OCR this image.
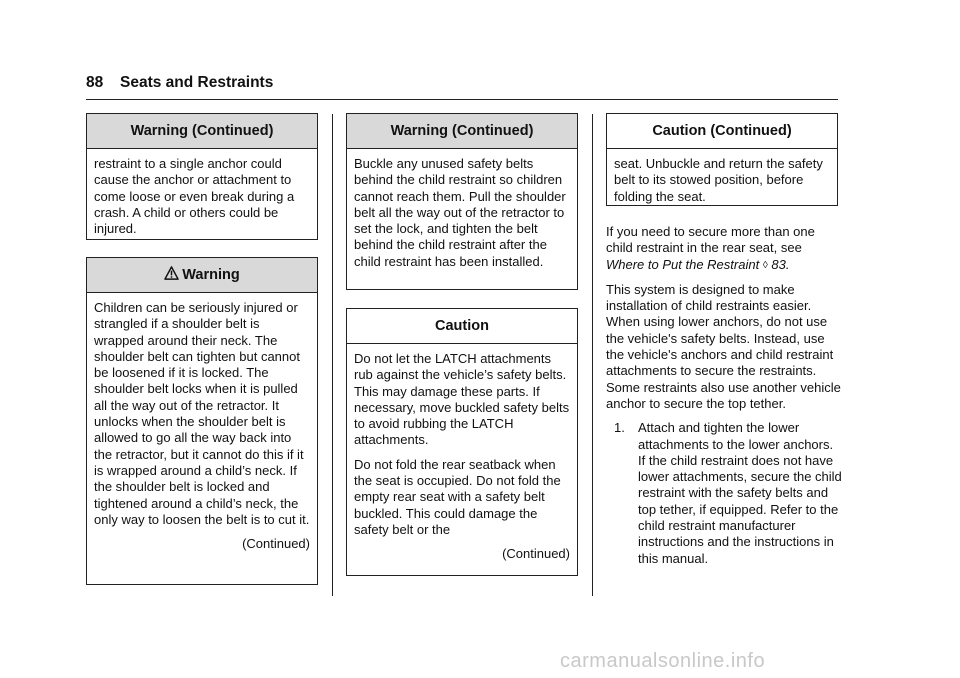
88 Seats and Restraints
Warning (Continued)

restraint to a single anchor could cause the anchor or attachment to come loose or even break during a crash. A child or others could be injured.

Warning

Children can be seriously injured or strangled if a shoulder belt is wrapped around their neck. The shoulder belt can tighten but cannot be loosened if it is locked. The shoulder belt locks when it is pulled all the way out of the retractor. It unlocks when the shoulder belt is allowed to go all the way back into the retractor, but it cannot do this if it is wrapped around a child’s neck. If the shoulder belt is locked and tightened around a child’s neck, the only way to loosen the belt is to cut it.

(Continued)
Warning (Continued)

Buckle any unused safety belts behind the child restraint so children cannot reach them. Pull the shoulder belt all the way out of the retractor to set the lock, and tighten the belt behind the child restraint after the child restraint has been installed.

Caution

Do not let the LATCH attachments rub against the vehicle’s safety belts. This may damage these parts. If necessary, move buckled safety belts to avoid rubbing the LATCH attachments.

Do not fold the rear seatback when the seat is occupied. Do not fold the empty rear seat with a safety belt buckled. This could damage the safety belt or the

(Continued)
Caution (Continued)

seat. Unbuckle and return the safety belt to its stowed position, before folding the seat.

If you need to secure more than one child restraint in the rear seat, see Where to Put the Restraint ◊ 83.

This system is designed to make installation of child restraints easier. When using lower anchors, do not use the vehicle's safety belts. Instead, use the vehicle's anchors and child restraint attachments to secure the restraints. Some restraints also use another vehicle anchor to secure the top tether.

1.	Attach and tighten the lower attachments to the lower anchors. If the child restraint does not have lower attachments, secure the child restraint with the safety belts and top tether, if equipped. Refer to the child restraint manufacturer instructions and the instructions in this manual.
carmanualsonline.info
